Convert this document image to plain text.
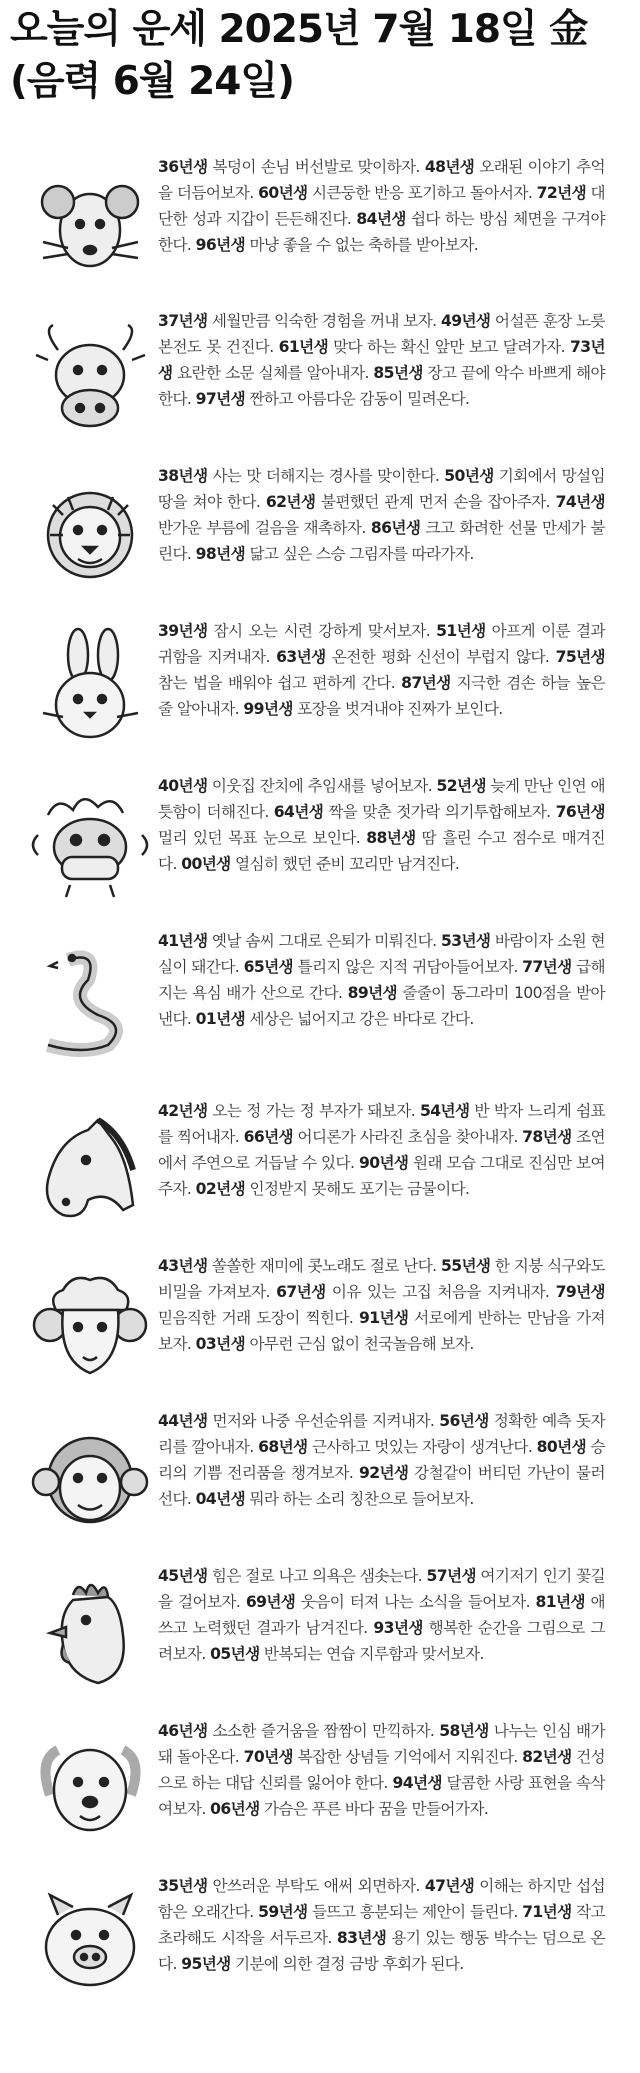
오늘의 운세 2025년 7월 18일 金
(음력 6월 24일)
36년생 복덩이 손님 버선발로 맞이하자. 48년생 오래된 이야기 추억을 더듬어보자. 60년생 시큰둥한 반응 포기하고 돌아서자. 72년생 대단한 성과 지갑이 든든해진다. 84년생 쉽다 하는 방심 체면을 구겨야 한다. 96년생 마냥 좋을 수 없는 축하를 받아보자.
37년생 세월만큼 익숙한 경험을 꺼내 보자. 49년생 어설픈 훈장 노릇 본전도 못 건진다. 61년생 맞다 하는 확신 앞만 보고 달려가자. 73년생 요란한 소문 실체를 알아내자. 85년생 장고 끝에 악수 바쁘게 해야 한다. 97년생 짠하고 아름다운 감동이 밀려온다.
38년생 사는 맛 더해지는 경사를 맞이한다. 50년생 기회에서 망설임 땅을 쳐야 한다. 62년생 불편했던 관계 먼저 손을 잡아주자. 74년생 반가운 부름에 걸음을 재촉하자. 86년생 크고 화려한 선물 만세가 불린다. 98년생 닮고 싶은 스승 그림자를 따라가자.
39년생 잠시 오는 시련 강하게 맞서보자. 51년생 아프게 이룬 결과 귀함을 지켜내자. 63년생 온전한 평화 신선이 부럽지 않다. 75년생 참는 법을 배워야 쉽고 편하게 간다. 87년생 지극한 겸손 하늘 높은 줄 알아내자. 99년생 포장을 벗겨내야 진짜가 보인다.
40년생 이웃집 잔치에 추임새를 넣어보자. 52년생 늦게 만난 인연 애틋함이 더해진다. 64년생 짝을 맞춘 젓가락 의기투합해보자. 76년생 멀리 있던 목표 눈으로 보인다. 88년생 땀 흘린 수고 점수로 매겨진다. 00년생 열심히 했던 준비 꼬리만 남겨진다.
41년생 옛날 솜씨 그대로 은퇴가 미뤄진다. 53년생 바람이자 소원 현실이 돼간다. 65년생 틀리지 않은 지적 귀담아들어보자. 77년생 급해지는 욕심 배가 산으로 간다. 89년생 줄줄이 동그라미 100점을 받아낸다. 01년생 세상은 넓어지고 강은 바다로 간다.
42년생 오는 정 가는 정 부자가 돼보자. 54년생 반 박자 느리게 쉼표를 찍어내자. 66년생 어디론가 사라진 초심을 찾아내자. 78년생 조연에서 주연으로 거듭날 수 있다. 90년생 원래 모습 그대로 진심만 보여주자. 02년생 인정받지 못해도 포기는 금물이다.
43년생 쏠쏠한 재미에 콧노래도 절로 난다. 55년생 한 지붕 식구와도 비밀을 가져보자. 67년생 이유 있는 고집 처음을 지켜내자. 79년생 믿음직한 거래 도장이 찍힌다. 91년생 서로에게 반하는 만남을 가져보자. 03년생 아무런 근심 없이 천국놀음해 보자.
44년생 먼저와 나중 우선순위를 지켜내자. 56년생 정확한 예측 돗자리를 깔아내자. 68년생 근사하고 멋있는 자랑이 생겨난다. 80년생 승리의 기쁨 전리품을 챙겨보자. 92년생 강철같이 버티던 가난이 물러선다. 04년생 뭐라 하는 소리 칭찬으로 들어보자.
45년생 힘은 절로 나고 의욕은 샘솟는다. 57년생 여기저기 인기 꽃길을 걸어보자. 69년생 웃음이 터져 나는 소식을 들어보자. 81년생 애쓰고 노력했던 결과가 남겨진다. 93년생 행복한 순간을 그림으로 그려보자. 05년생 반복되는 연습 지루함과 맞서보자.
46년생 소소한 즐거움을 짬짬이 만끽하자. 58년생 나누는 인심 배가 돼 돌아온다. 70년생 복잡한 상념들 기억에서 지워진다. 82년생 건성으로 하는 대답 신뢰를 잃어야 한다. 94년생 달콤한 사랑 표현을 속삭여보자. 06년생 가슴은 푸른 바다 꿈을 만들어가자.
35년생 안쓰러운 부탁도 애써 외면하자. 47년생 이해는 하지만 섭섭함은 오래간다. 59년생 들뜨고 흥분되는 제안이 들린다. 71년생 작고 초라해도 시작을 서두르자. 83년생 용기 있는 행동 박수는 덤으로 온다. 95년생 기분에 의한 결정 금방 후회가 된다.
